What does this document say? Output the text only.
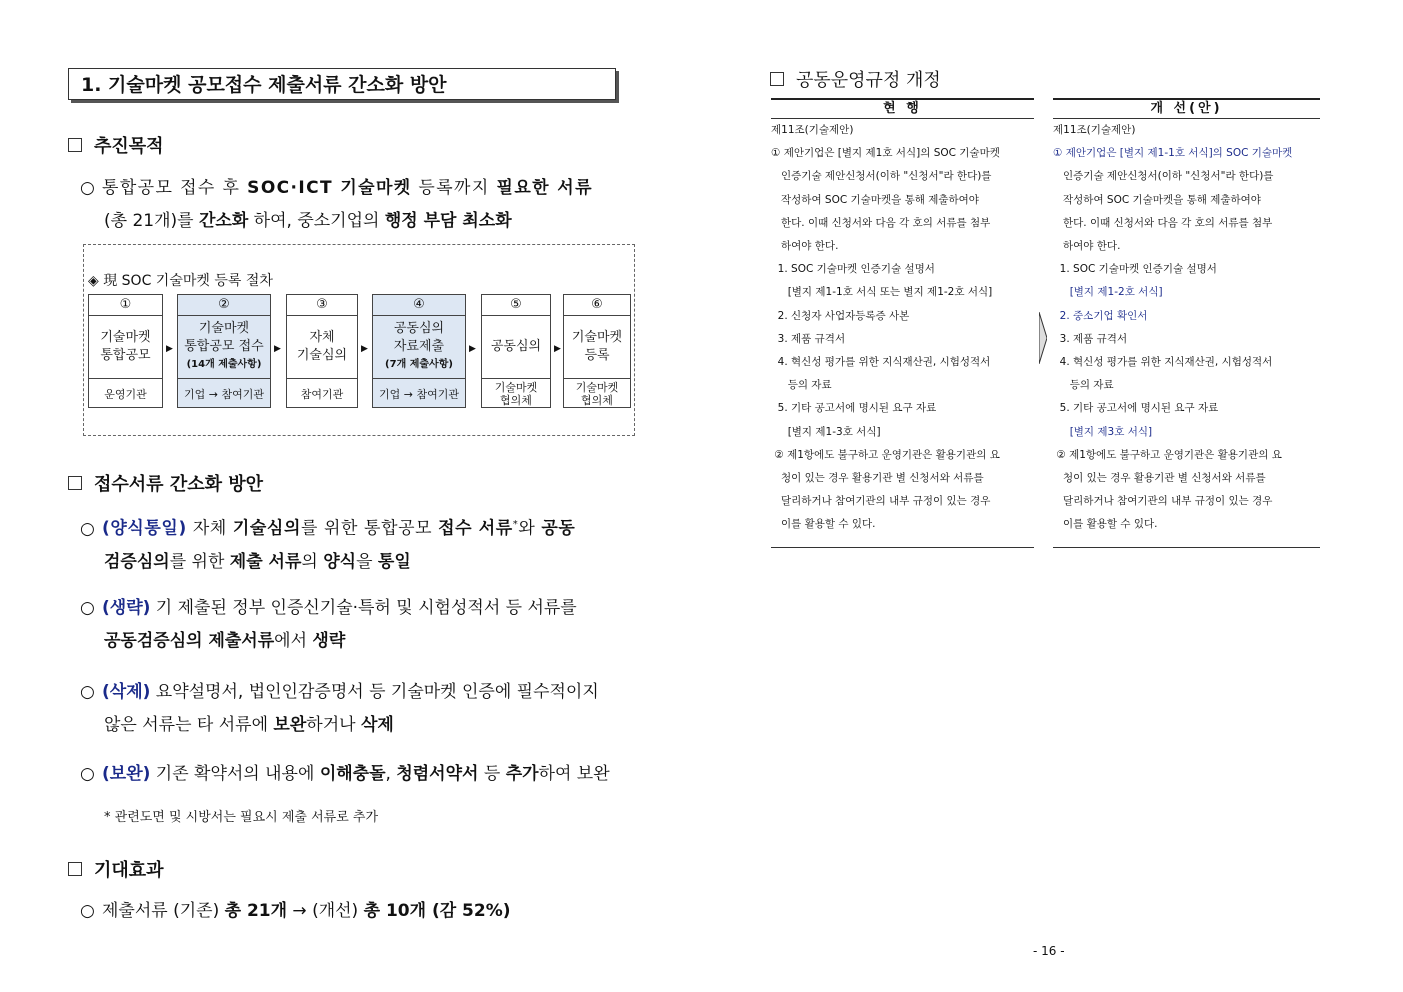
1. 기술마켓 공모접수 제출서류 간소화 방안
추진목적
○ 통합공모 접수 후 SOC·ICT 기술마켓 등록까지 필요한 서류
(총 21개)를 간소화 하여, 중소기업의 행정 부담 최소화
◈ 現 SOC 기술마켓 등록 절차
①
기술마켓
통합공모
운영기관
▶
②
기술마켓
통합공모 접수
(14개 제출사항)
기업 → 참여기관
▶
③
자체
기술심의
참여기관
▶
④
공동심의
자료제출
(7개 제출사항)
기업 → 참여기관
▶
⑤
공동심의
기술마켓
협의체
▶
⑥
기술마켓
등록
기술마켓
협의체
접수서류 간소화 방안
○ (양식통일) 자체 기술심의를 위한 통합공모 접수 서류*와 공동
검증심의를 위한 제출 서류의 양식을 통일
○ (생략) 기 제출된 정부 인증신기술·특허 및 시험성적서 등 서류를
공동검증심의 제출서류에서 생략
○ (삭제) 요약설명서, 법인인감증명서 등 기술마켓 인증에 필수적이지
않은 서류는 타 서류에 보완하거나 삭제
○ (보완) 기존 확약서의 내용에 이해충돌, 청렴서약서 등 추가하여 보완
* 관련도면 및 시방서는 필요시 제출 서류로 추가
기대효과
○ 제출서류 (기존) 총 21개 → (개선) 총 10개 (감 52%)
공동운영규정 개정
현 행
제11조(기술제안)
① 제안기업은 [별지 제1호 서식]의 SOC 기술마켓
인증기술 제안신청서(이하 "신청서"라 한다)를
작성하여 SOC 기술마켓을 통해 제출하여야
한다. 이때 신청서와 다음 각 호의 서류를 첨부
하여야 한다.
1. SOC 기술마켓 인증기술 설명서
[별지 제1-1호 서식 또는 별지 제1-2호 서식]
2. 신청자 사업자등록증 사본
3. 제품 규격서
4. 혁신성 평가를 위한 지식재산권, 시험성적서
등의 자료
5. 기타 공고서에 명시된 요구 자료
[별지 제1-3호 서식]
② 제1항에도 불구하고 운영기관은 활용기관의 요
청이 있는 경우 활용기관 별 신청서와 서류를
달리하거나 참여기관의 내부 규정이 있는 경우
이를 활용할 수 있다.
개 선(안)
제11조(기술제안)
① 제안기업은 [별지 제1-1호 서식]의 SOC 기술마켓
인증기술 제안신청서(이하 "신청서"라 한다)를
작성하여 SOC 기술마켓을 통해 제출하여야
한다. 이때 신청서와 다음 각 호의 서류를 첨부
하여야 한다.
1. SOC 기술마켓 인증기술 설명서
[별지 제1-2호 서식]
2. 중소기업 확인서
3. 제품 규격서
4. 혁신성 평가를 위한 지식재산권, 시험성적서
등의 자료
5. 기타 공고서에 명시된 요구 자료
[별지 제3호 서식]
② 제1항에도 불구하고 운영기관은 활용기관의 요
청이 있는 경우 활용기관 별 신청서와 서류를
달리하거나 참여기관의 내부 규정이 있는 경우
이를 활용할 수 있다.
- 16 -
